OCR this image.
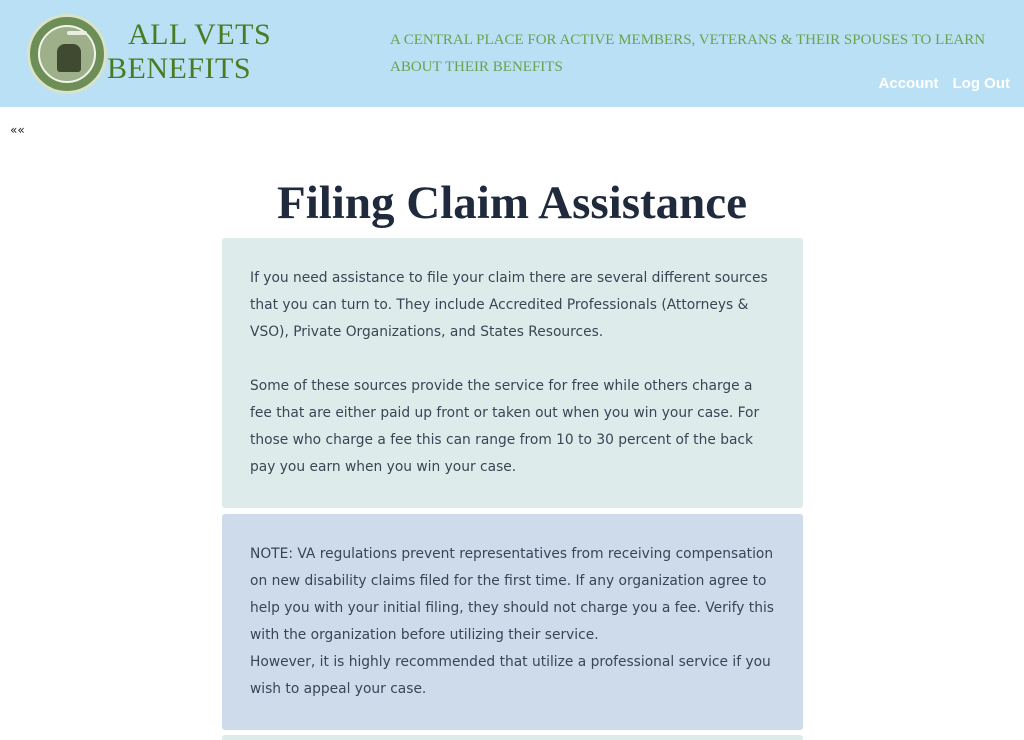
ALL VETS
BENEFITS
A CENTRAL PLACE FOR ACTIVE MEMBERS, VETERANS & THEIR SPOUSES TO LEARN ABOUT THEIR BENEFITS
Account Log Out
««
Filing Claim Assistance

If you need assistance to file your claim there are several different sources that you can turn to. They include Accredited Professionals (Attorneys & VSO), Private Organizations, and States Resources.

Some of these sources provide the service for free while others charge a fee that are either paid up front or taken out when you win your case. For those who charge a fee this can range from 10 to 30 percent of the back pay you earn when you win your case.

NOTE: VA regulations prevent representatives from receiving compensation on new disability claims filed for the first time. If any organization agree to help you with your initial filing, they should not charge you a fee. Verify this with the organization before utilizing their service.

However, it is highly recommended that utilize a professional service if you wish to appeal your case.
